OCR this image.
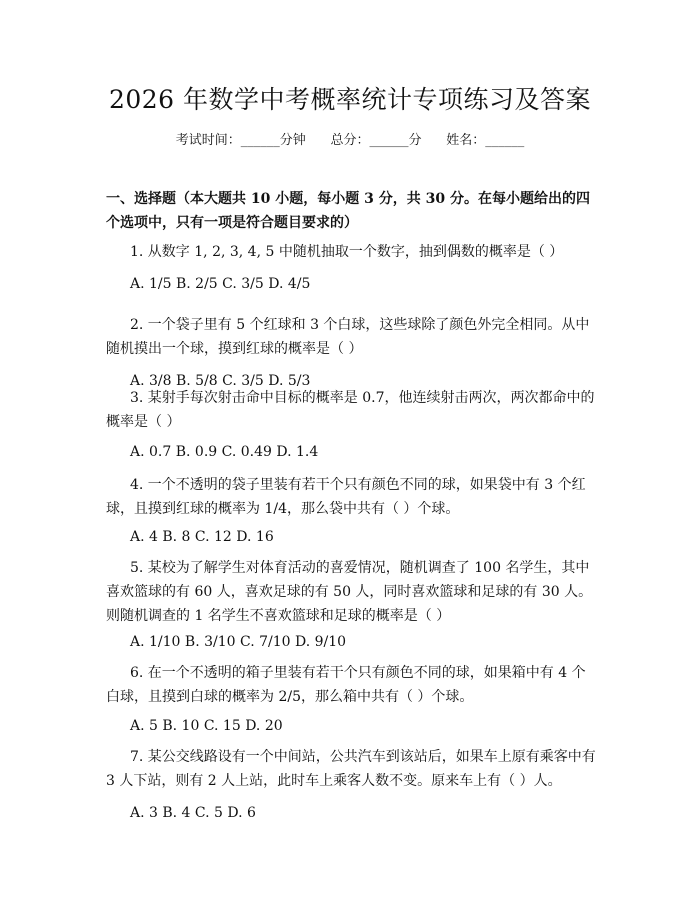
2026 年数学中考概率统计专项练习及答案
考试时间：______分钟      总分：______分      姓名：______
一、选择题（本大题共 10 小题，每小题 3 分，共 30 分。在每小题给出的四个选项中，只有一项是符合题目要求的）
1. 从数字 1, 2, 3, 4, 5 中随机抽取一个数字，抽到偶数的概率是（ ）
A. 1/5 B. 2/5 C. 3/5 D. 4/5
2. 一个袋子里有 5 个红球和 3 个白球，这些球除了颜色外完全相同。从中随机摸出一个球，摸到红球的概率是（ ）
A. 3/8 B. 5/8 C. 3/5 D. 5/3
3. 某射手每次射击命中目标的概率是 0.7，他连续射击两次，两次都命中的概率是（ ）
A. 0.7 B. 0.9 C. 0.49 D. 1.4
4. 一个不透明的袋子里装有若干个只有颜色不同的球，如果袋中有 3 个红球，且摸到红球的概率为 1/4，那么袋中共有（ ）个球。
A. 4 B. 8 C. 12 D. 16
5. 某校为了解学生对体育活动的喜爱情况，随机调查了 100 名学生，其中喜欢篮球的有 60 人，喜欢足球的有 50 人，同时喜欢篮球和足球的有 30 人。则随机调查的 1 名学生不喜欢篮球和足球的概率是（ ）
A. 1/10 B. 3/10 C. 7/10 D. 9/10
6. 在一个不透明的箱子里装有若干个只有颜色不同的球，如果箱中有 4 个白球，且摸到白球的概率为 2/5，那么箱中共有（ ）个球。
A. 5 B. 10 C. 15 D. 20
7. 某公交线路设有一个中间站，公共汽车到该站后，如果车上原有乘客中有 3 人下站，则有 2 人上站，此时车上乘客人数不变。原来车上有（ ）人。
A. 3 B. 4 C. 5 D. 6
